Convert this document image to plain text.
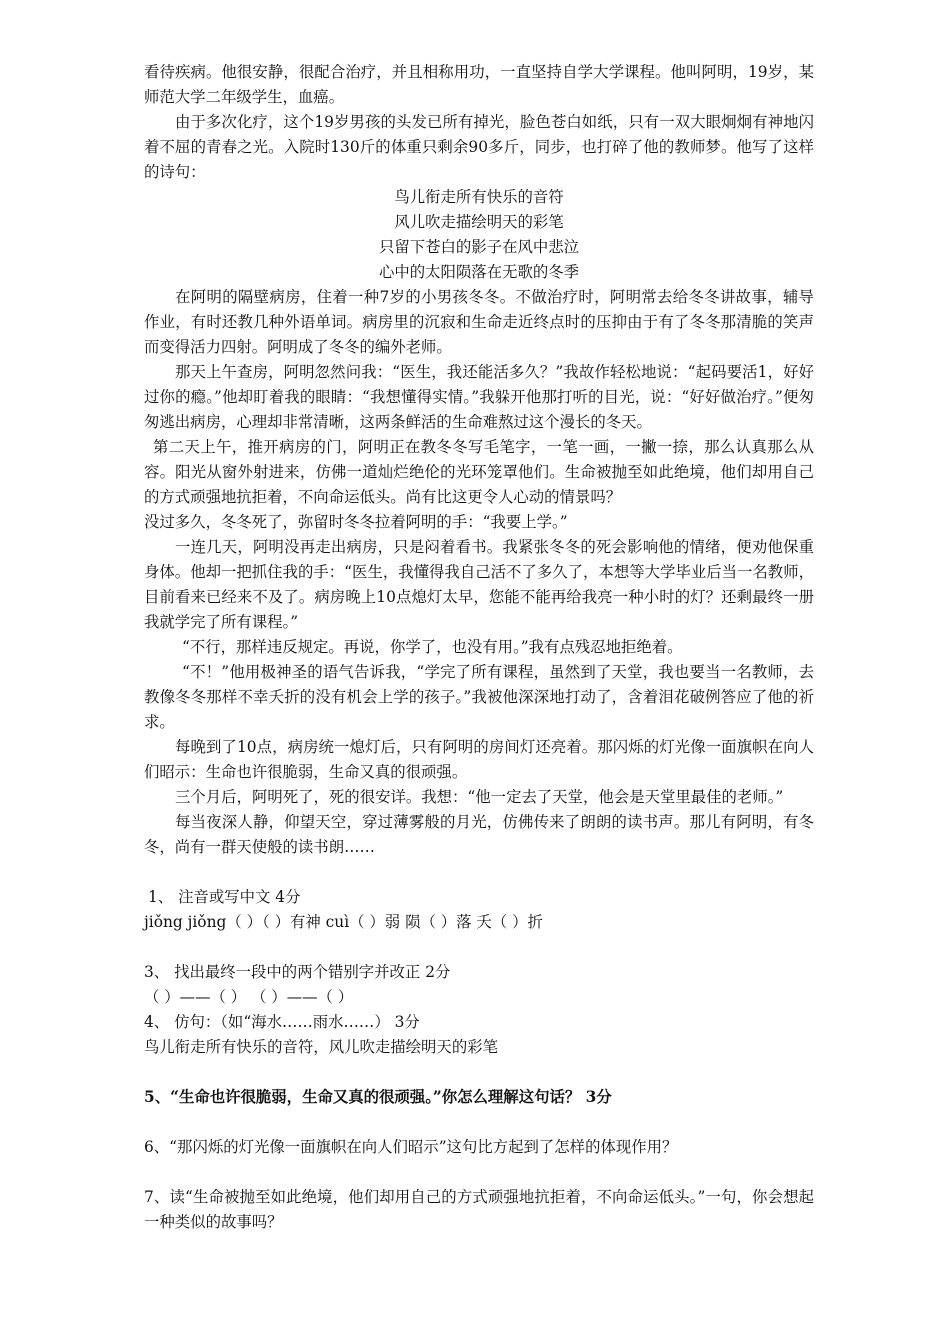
看待疾病。他很安静，很配合治疗，并且相称用功，一直坚持自学大学课程。他叫阿明，19岁，某师范大学二年级学生，血癌。

由于多次化疗，这个19岁男孩的头发已所有掉光，脸色苍白如纸，只有一双大眼炯炯有神地闪着不屈的青春之光。入院时130斤的体重只剩余90多斤，同步，也打碎了他的教师梦。他写了这样的诗句：

鸟儿衔走所有快乐的音符

风儿吹走描绘明天的彩笔

只留下苍白的影子在风中悲泣

心中的太阳陨落在无歌的冬季

在阿明的隔壁病房，住着一种7岁的小男孩冬冬。不做治疗时，阿明常去给冬冬讲故事，辅导作业，有时还教几种外语单词。病房里的沉寂和生命走近终点时的压抑由于有了冬冬那清脆的笑声而变得活力四射。阿明成了冬冬的编外老师。

那天上午查房，阿明忽然问我：“医生，我还能活多久？”我故作轻松地说：“起码要活1，好好过你的瘾。”他却盯着我的眼睛：“我想懂得实情。”我躲开他那打听的目光，说：“好好做治疗。”便匆匆逃出病房，心理却非常清晰，这两条鲜活的生命难熬过这个漫长的冬天。

第二天上午，推开病房的门，阿明正在教冬冬写毛笔字，一笔一画，一撇一捺，那么认真那么从容。阳光从窗外射进来，仿佛一道灿烂绝伦的光环笼罩他们。生命被抛至如此绝境，他们却用自己的方式顽强地抗拒着，不向命运低头。尚有比这更令人心动的情景吗？

没过多久，冬冬死了，弥留时冬冬拉着阿明的手：“我要上学。”

一连几天，阿明没再走出病房，只是闷着看书。我紧张冬冬的死会影响他的情绪，便劝他保重身体。他却一把抓住我的手：“医生，我懂得我自己活不了多久了，本想等大学毕业后当一名教师，目前看来已经来不及了。病房晚上10点熄灯太早，您能不能再给我亮一种小时的灯？还剩最终一册我就学完了所有课程。”

“不行，那样违反规定。再说，你学了，也没有用。”我有点残忍地拒绝着。

“不！”他用极神圣的语气告诉我，“学完了所有课程，虽然到了天堂，我也要当一名教师，去教像冬冬那样不幸夭折的没有机会上学的孩子。”我被他深深地打动了，含着泪花破例答应了他的祈求。

每晚到了10点，病房统一熄灯后，只有阿明的房间灯还亮着。那闪烁的灯光像一面旗帜在向人们昭示：生命也许很脆弱，生命又真的很顽强。

三个月后，阿明死了，死的很安详。我想：“他一定去了天堂，他会是天堂里最佳的老师。”

每当夜深人静，仰望天空，穿过薄雾般的月光，仿佛传来了朗朗的读书声。那儿有阿明，有冬冬，尚有一群天使般的读书朗……

1、 注音或写中文 4分

jiǒng jiǒng（ ）（ ）有神 cuì（ ）弱 陨（ ）落 夭（ ）折

3、 找出最终一段中的两个错别字并改正 2分

（ ）——（ ） （ ）——（ ）

4、 仿句：（如“海水……雨水……） 3分

鸟儿衔走所有快乐的音符，风儿吹走描绘明天的彩笔

5、“生命也许很脆弱，生命又真的很顽强。”你怎么理解这句话？ 3分

6、“那闪烁的灯光像一面旗帜在向人们昭示”这句比方起到了怎样的体现作用？

7、读“生命被抛至如此绝境，他们却用自己的方式顽强地抗拒着，不向命运低头。”一句，你会想起一种类似的故事吗？
